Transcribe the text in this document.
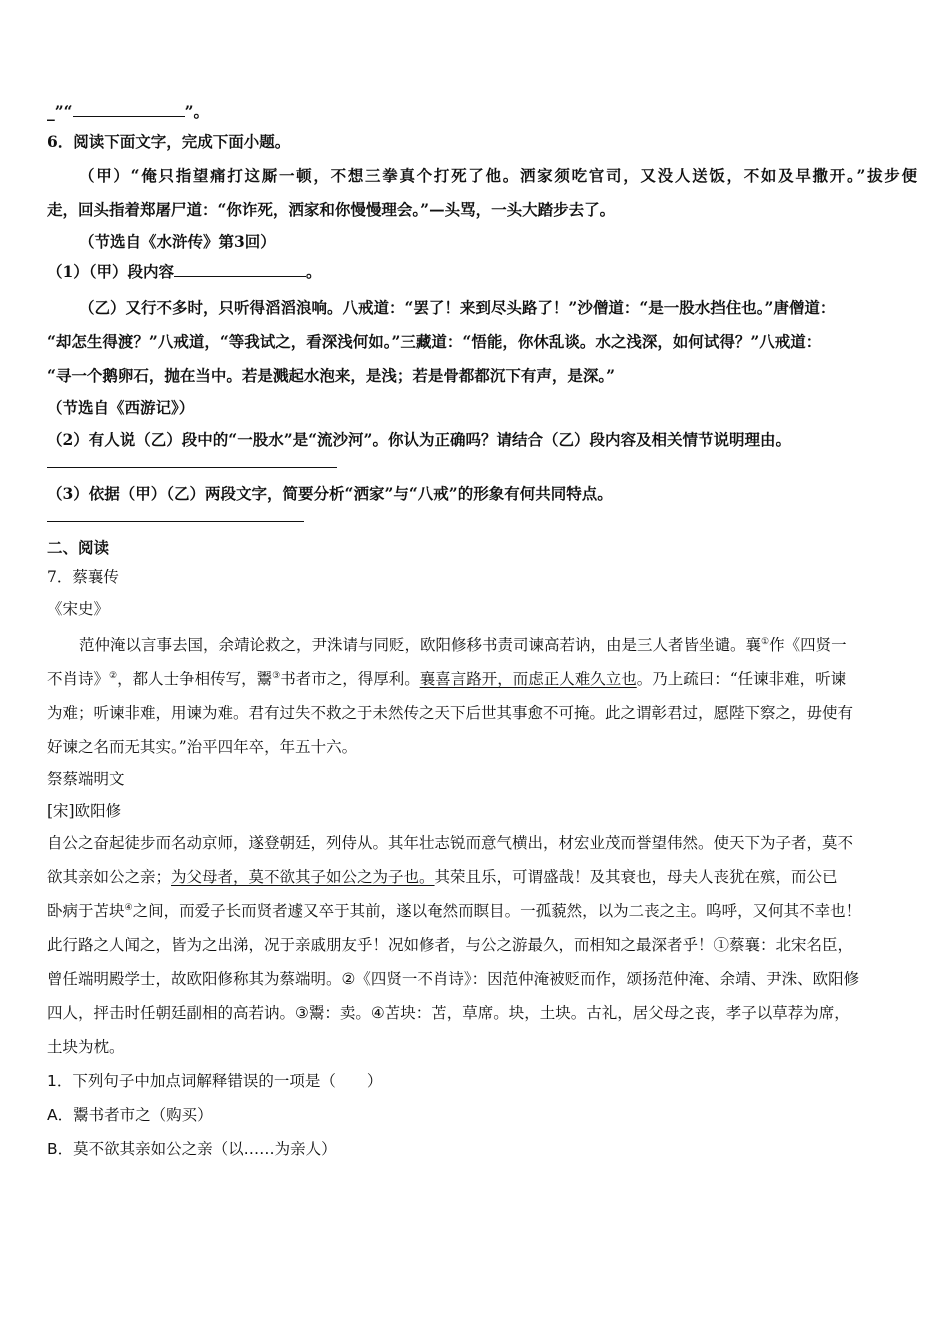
_”“	”。
6．阅读下面文字，完成下面小题。
（甲）“俺只指望痛打这厮一顿，不想三拳真个打死了他。洒家须吃官司，又没人送饭，不如及早撒开。”拔步便
走，回头指着郑屠尸道：“你诈死，洒家和你慢慢理会。”—头骂，一头大踏步去了。
（节选自《水浒传》第3回）
（1）（甲）段内容	。
（乙）又行不多时，只听得滔滔浪响。八戒道：“罢了！来到尽头路了！”沙僧道：“是一股水挡住也。”唐僧道：
“却怎生得渡？”八戒道，“等我试之，看深浅何如。”三藏道：“悟能，你休乱谈。水之浅深，如何试得？”八戒道：
“寻一个鹅卵石，抛在当中。若是溅起水泡来，是浅；若是骨都都沉下有声，是深。”
（节选自《西游记》）
（2）有人说（乙）段中的“一股水”是“流沙河”。你认为正确吗？请结合（乙）段内容及相关情节说明理由。
（3）依据（甲）（乙）两段文字，简要分析“洒家”与“八戒”的形象有何共同特点。
二、阅读
7．蔡襄传
《宋史》
范仲淹以言事去国，余靖论救之，尹洙请与同贬，欧阳修移书责司谏高若讷，由是三人者皆坐谴。襄①作《四贤一
不肖诗》②，都人士争相传写，鬻③书者市之，得厚利。襄喜言路开，而虑正人难久立也。乃上疏曰：“任谏非难，听谏
为难；听谏非难，用谏为难。君有过失不救之于未然传之天下后世其事愈不可掩。此之谓彰君过，愿陛下察之，毋使有
好谏之名而无其实。”治平四年卒，年五十六。
祭蔡端明文
[宋]欧阳修
自公之奋起徒步而名动京师，遂登朝廷，列侍从。其年壮志锐而意气横出，材宏业茂而誉望伟然。使天下为子者，莫不
欲其亲如公之亲；为父母者，莫不欲其子如公之为子也。其荣且乐，可谓盛哉！及其衰也，母夫人丧犹在殡，而公已
卧病于苫块④之间，而爱子长而贤者遽又卒于其前，遂以奄然而瞑目。一孤藐然，以为二丧之主。呜呼，又何其不幸也！
此行路之人闻之，皆为之出涕，况于亲戚朋友乎！况如修者，与公之游最久，而相知之最深者乎！①蔡襄：北宋名臣，
曾任端明殿学士，故欧阳修称其为蔡端明。②《四贤一不肖诗》：因范仲淹被贬而作，颂扬范仲淹、余靖、尹洙、欧阳修
四人，抨击时任朝廷副相的高若讷。③鬻：卖。④苫块：苫，草席。块，土块。古礼，居父母之丧，孝子以草荐为席，
土块为枕。
1．下列句子中加点词解释错误的一项是（　　）
A．鬻书者市之（购买）
B．莫不欲其亲如公之亲（以……为亲人）
